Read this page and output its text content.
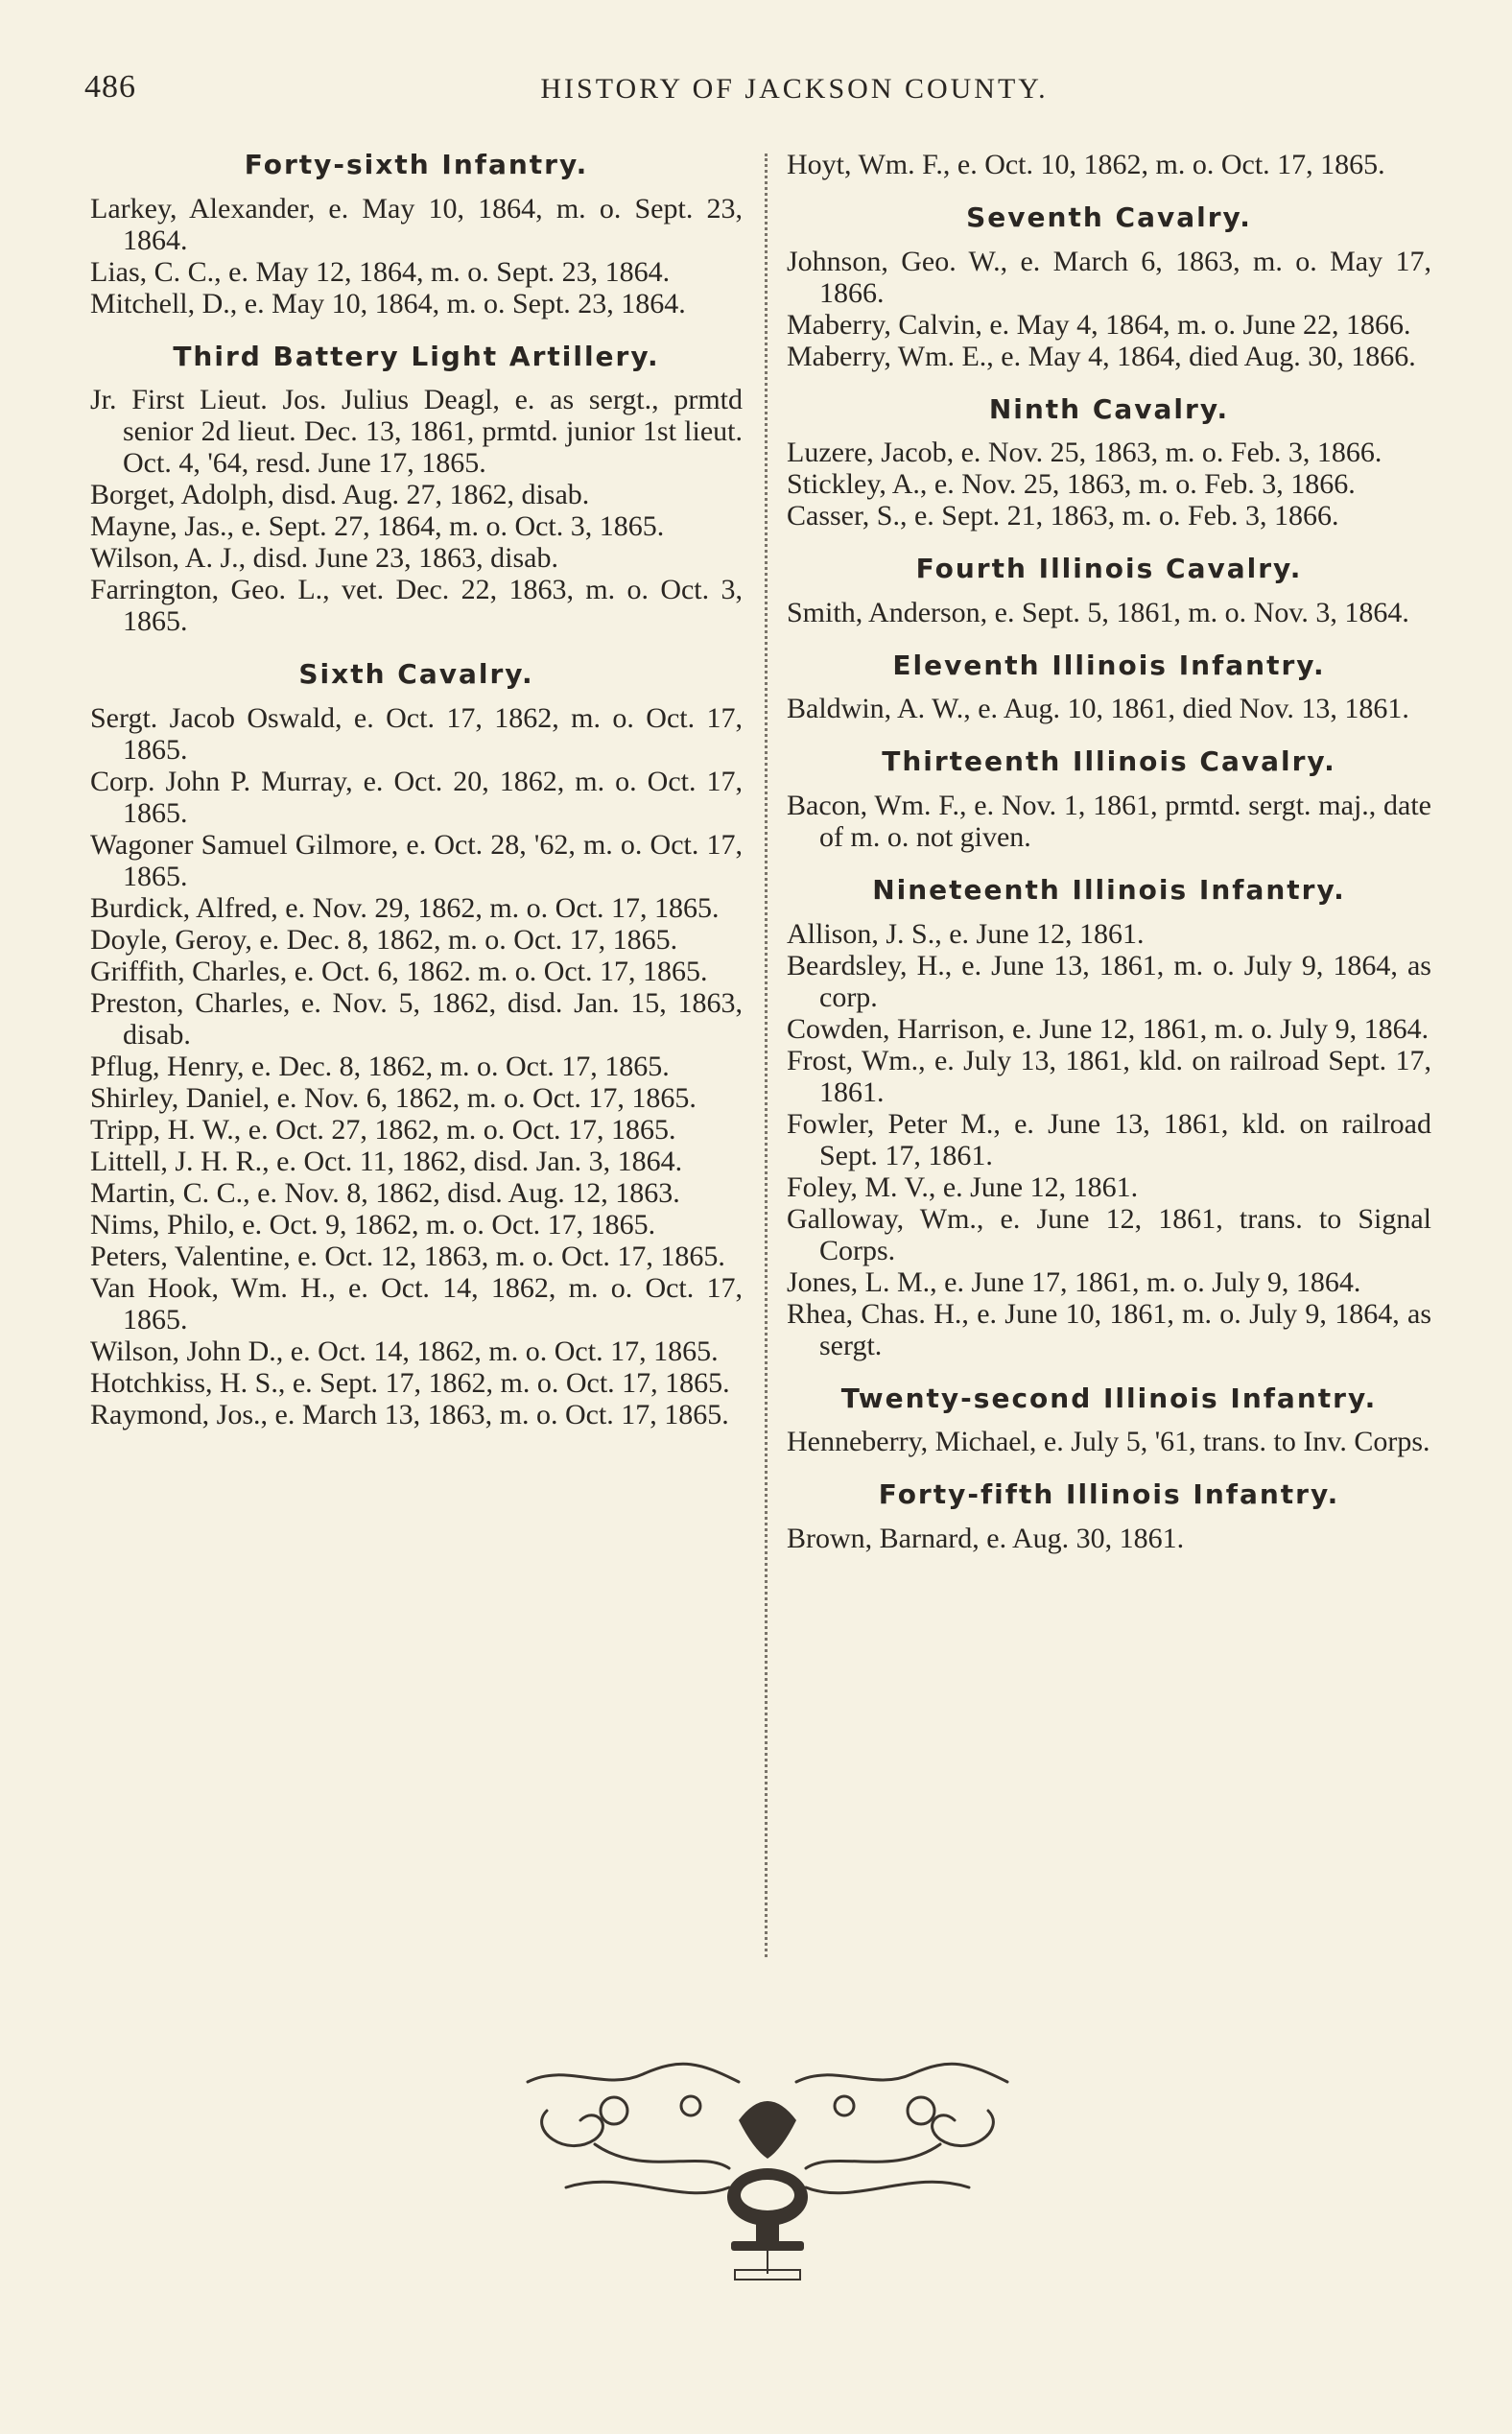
486	HISTORY OF JACKSON COUNTY.
Forty-sixth Infantry.

Larkey, Alexander, e. May 10, 1864, m. o. Sept. 23, 1864.

Lias, C. C., e. May 12, 1864, m. o. Sept. 23, 1864.

Mitchell, D., e. May 10, 1864, m. o. Sept. 23, 1864.

Third Battery Light Artillery.

Jr. First Lieut. Jos. Julius Deagl, e. as sergt., prmtd senior 2d lieut. Dec. 13, 1861, prmtd. junior 1st lieut. Oct. 4, '64, resd. June 17, 1865.

Borget, Adolph, disd. Aug. 27, 1862, disab.

Mayne, Jas., e. Sept. 27, 1864, m. o. Oct. 3, 1865.

Wilson, A. J., disd. June 23, 1863, disab.

Farrington, Geo. L., vet. Dec. 22, 1863, m. o. Oct. 3, 1865.

Sixth Cavalry.

Sergt. Jacob Oswald, e. Oct. 17, 1862, m. o. Oct. 17, 1865.

Corp. John P. Murray, e. Oct. 20, 1862, m. o. Oct. 17, 1865.

Wagoner Samuel Gilmore, e. Oct. 28, '62, m. o. Oct. 17, 1865.

Burdick, Alfred, e. Nov. 29, 1862, m. o. Oct. 17, 1865.

Doyle, Geroy, e. Dec. 8, 1862, m. o. Oct. 17, 1865.

Griffith, Charles, e. Oct. 6, 1862. m. o. Oct. 17, 1865.

Preston, Charles, e. Nov. 5, 1862, disd. Jan. 15, 1863, disab.

Pflug, Henry, e. Dec. 8, 1862, m. o. Oct. 17, 1865.

Shirley, Daniel, e. Nov. 6, 1862, m. o. Oct. 17, 1865.

Tripp, H. W., e. Oct. 27, 1862, m. o. Oct. 17, 1865.

Littell, J. H. R., e. Oct. 11, 1862, disd. Jan. 3, 1864.

Martin, C. C., e. Nov. 8, 1862, disd. Aug. 12, 1863.

Nims, Philo, e. Oct. 9, 1862, m. o. Oct. 17, 1865.

Peters, Valentine, e. Oct. 12, 1863, m. o. Oct. 17, 1865.

Van Hook, Wm. H., e. Oct. 14, 1862, m. o. Oct. 17, 1865.

Wilson, John D., e. Oct. 14, 1862, m. o. Oct. 17, 1865.

Hotchkiss, H. S., e. Sept. 17, 1862, m. o. Oct. 17, 1865.

Raymond, Jos., e. March 13, 1863, m. o. Oct. 17, 1865.

Hoyt, Wm. F., e. Oct. 10, 1862, m. o. Oct. 17, 1865.

Seventh Cavalry.

Johnson, Geo. W., e. March 6, 1863, m. o. May 17, 1866.

Maberry, Calvin, e. May 4, 1864, m. o. June 22, 1866.

Maberry, Wm. E., e. May 4, 1864, died Aug. 30, 1866.

Ninth Cavalry.

Luzere, Jacob, e. Nov. 25, 1863, m. o. Feb. 3, 1866.

Stickley, A., e. Nov. 25, 1863, m. o. Feb. 3, 1866.

Casser, S., e. Sept. 21, 1863, m. o. Feb. 3, 1866.

Fourth Illinois Cavalry.

Smith, Anderson, e. Sept. 5, 1861, m. o. Nov. 3, 1864.

Eleventh Illinois Infantry.

Baldwin, A. W., e. Aug. 10, 1861, died Nov. 13, 1861.

Thirteenth Illinois Cavalry.

Bacon, Wm. F., e. Nov. 1, 1861, prmtd. sergt. maj., date of m. o. not given.

Nineteenth Illinois Infantry.

Allison, J. S., e. June 12, 1861.

Beardsley, H., e. June 13, 1861, m. o. July 9, 1864, as corp.

Cowden, Harrison, e. June 12, 1861, m. o. July 9, 1864.

Frost, Wm., e. July 13, 1861, kld. on railroad Sept. 17, 1861.

Fowler, Peter M., e. June 13, 1861, kld. on railroad Sept. 17, 1861.

Foley, M. V., e. June 12, 1861.

Galloway, Wm., e. June 12, 1861, trans. to Signal Corps.

Jones, L. M., e. June 17, 1861, m. o. July 9, 1864.

Rhea, Chas. H., e. June 10, 1861, m. o. July 9, 1864, as sergt.

Twenty-second Illinois Infantry.

Henneberry, Michael, e. July 5, '61, trans. to Inv. Corps.

Forty-fifth Illinois Infantry.

Brown, Barnard, e. Aug. 30, 1861.
